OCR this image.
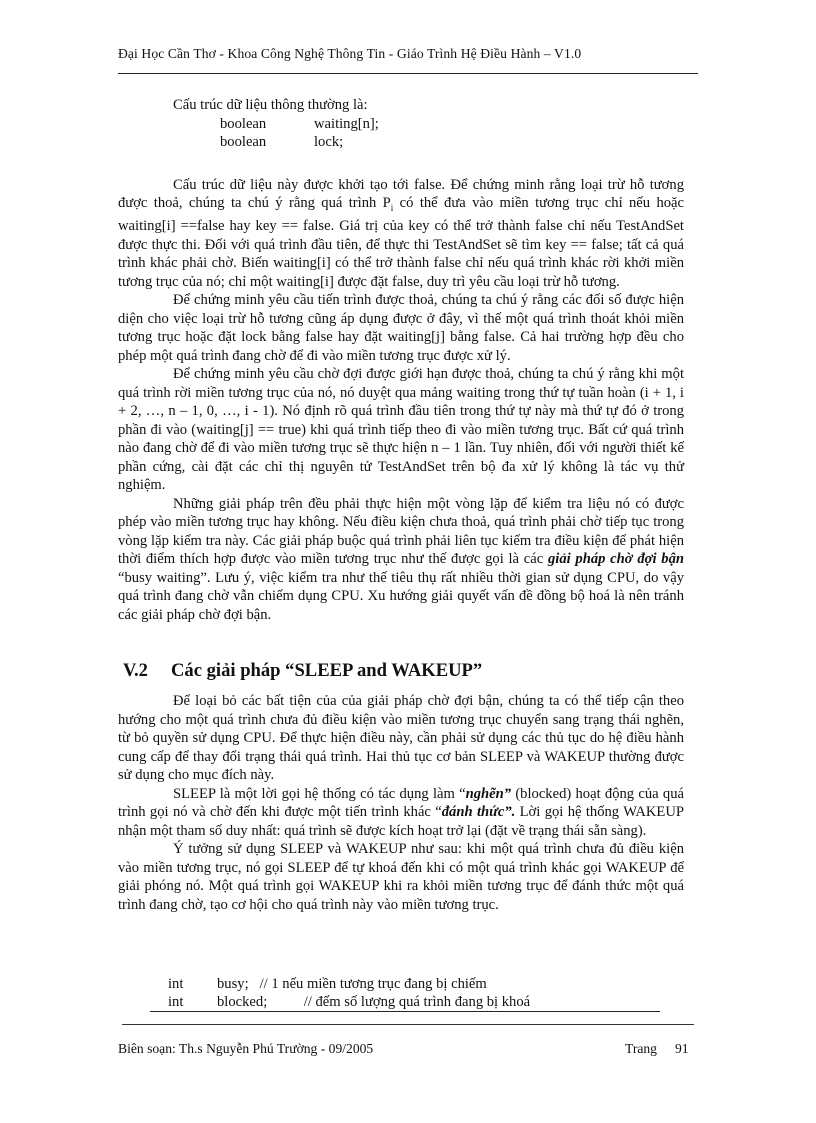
Đại Học Cần Thơ - Khoa Công Nghệ Thông Tin - Giáo Trình Hệ Điều Hành – V1.0

Cấu trúc dữ liệu thông thường là:

boolean	waiting[n];

boolean	lock;

Cấu trúc dữ liệu này được khởi tạo tới false. Để chứng minh rằng loại trừ hỗ tương được thoả, chúng ta chú ý rằng quá trình $P_i$ có thể đưa vào miền tương trục chỉ nếu hoặc waiting[i] ==false hay key == false. Giá trị của key có thể trở thành false chỉ nếu TestAndSet được thực thi. Đối với quá trình đầu tiên, để thực thi TestAndSet sẽ tìm key == false; tất cả quá trình khác phải chờ. Biến waiting[i] có thể trở thành false chỉ nếu quá trình khác rời khởi miền tương trục của nó; chỉ một waiting[i] được đặt false, duy trì yêu cầu loại trừ hỗ tương.

Để chứng minh yêu cầu tiến trình được thoả, chúng ta chú ý rằng các đối số được hiện diện cho việc loại trừ hỗ tương cũng áp dụng được ở đây, vì thế một quá trình thoát khỏi miền tương trục hoặc đặt lock bằng false hay đặt waiting[j] bằng false. Cả hai trường hợp đều cho phép một quá trình đang chờ để đi vào miền tương trục được xử lý.

Để chứng minh yêu cầu chờ đợi được giới hạn được thoả, chúng ta chú ý rằng khi một quá trình rời miền tương trục của nó, nó duyệt qua mảng waiting trong thứ tự tuần hoàn (i + 1, i + 2, …, n – 1, 0, …, i - 1). Nó định rõ quá trình đầu tiên trong thứ tự này mà thứ tự đó ở trong phần đi vào (waiting[j] == true) khi quá trình tiếp theo đi vào miền tương trục. Bất cứ quá trình nào đang chờ để đi vào miền tương trục sẽ thực hiện n – 1 lần. Tuy nhiên, đối với người thiết kế phần cứng, cài đặt các chỉ thị nguyên tử TestAndSet trên bộ đa xử lý không là tác vụ thử nghiệm.

Những giải pháp trên đều phải thực hiện một vòng lặp để kiểm tra liệu nó có được phép vào miền tương trục hay không. Nếu điều kiện chưa thoả, quá trình phải chờ tiếp tục trong vòng lặp kiểm tra này. Các giải pháp buộc quá trình phải liên tục kiểm tra điều kiện để phát hiện thời điểm thích hợp được vào miền tương trục như thế được gọi là các giải pháp chờ đợi bận “busy waiting”. Lưu ý, việc kiểm tra như thế tiêu thụ rất nhiều thời gian sử dụng CPU, do vậy quá trình đang chờ vẫn chiếm dụng CPU. Xu hướng giải quyết vấn đề đồng bộ hoá là nên tránh các giải pháp chờ đợi bận.

V.2 Các giải pháp “SLEEP and WAKEUP”

Để loại bỏ các bất tiện của của giải pháp chờ đợi bận, chúng ta có thể tiếp cận theo hướng cho một quá trình chưa đủ điều kiện vào miền tương trục chuyển sang trạng thái nghẽn, từ bỏ quyền sử dụng CPU. Để thực hiện điều này, cần phải sử dụng các thủ tục do hệ điều hành cung cấp để thay đổi trạng thái quá trình. Hai thủ tục cơ bản SLEEP và WAKEUP thường được sử dụng cho mục đích này.

SLEEP là một lời gọi hệ thống có tác dụng làm “nghẽn” (blocked) hoạt động của quá trình gọi nó và chờ đến khi được một tiến trình khác “đánh thức”. Lời gọi hệ thống WAKEUP nhận một tham số duy nhất: quá trình sẽ được kích hoạt trở lại (đặt về trạng thái sẵn sàng).

Ý tưởng sử dụng SLEEP và WAKEUP như sau: khi một quá trình chưa đủ điều kiện vào miền tương trục, nó gọi SLEEP để tự khoá đến khi có một quá trình khác gọi WAKEUP để giải phóng nó. Một quá trình gọi WAKEUP khi ra khỏi miền tương trục để đánh thức một quá trình đang chờ, tạo cơ hội cho quá trình này vào miền tương trục.

int busy;   // 1 nếu miền tương trục đang bị chiếm
int blocked;          // đếm số lượng quá trình đang bị khoá
Biên soạn: Th.s Nguyễn Phú Trường - 09/2005	Trang 91
